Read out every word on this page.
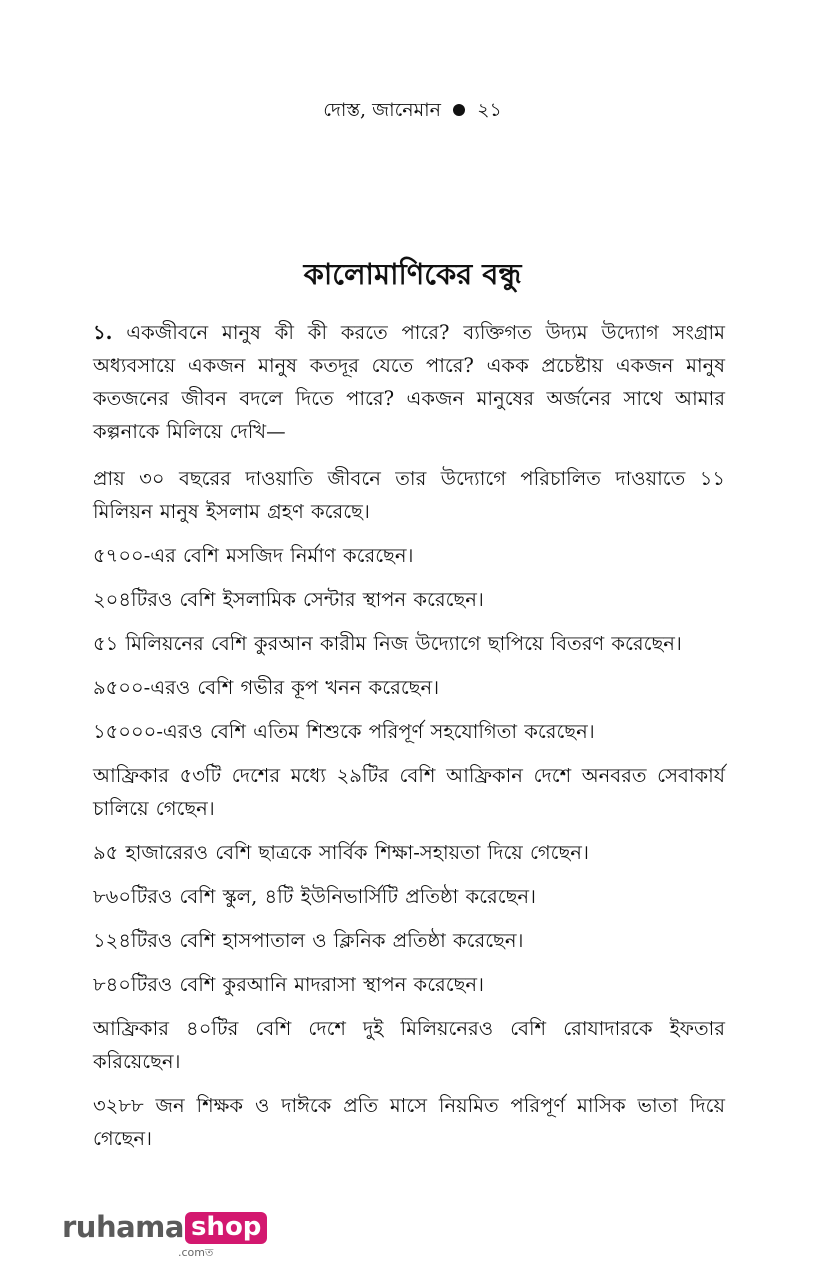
দোস্ত, জানেমান ২১
কালোমাণিকের বন্ধু

১. একজীবনে মানুষ কী কী করতে পারে? ব্যক্তিগত উদ্যম উদ্যোগ সংগ্রাম অধ্যবসায়ে একজন মানুষ কতদূর যেতে পারে? একক প্রচেষ্টায় একজন মানুষ কতজনের জীবন বদলে দিতে পারে? একজন মানুষের অর্জনের সাথে আমার কল্পনাকে মিলিয়ে দেখি—

প্রায় ৩০ বছরের দাওয়াতি জীবনে তার উদ্যোগে পরিচালিত দাওয়াতে ১১ মিলিয়ন মানুষ ইসলাম গ্রহণ করেছে।

৫৭০০-এর বেশি মসজিদ নির্মাণ করেছেন।

২০৪টিরও বেশি ইসলামিক সেন্টার স্থাপন করেছেন।

৫১ মিলিয়নের বেশি কুরআন কারীম নিজ উদ্যোগে ছাপিয়ে বিতরণ করেছেন।

৯৫০০-এরও বেশি গভীর কূপ খনন করেছেন।

১৫০০০-এরও বেশি এতিম শিশুকে পরিপূর্ণ সহযোগিতা করেছেন।

আফ্রিকার ৫৩টি দেশের মধ্যে ২৯টির বেশি আফ্রিকান দেশে অনবরত সেবাকার্য চালিয়ে গেছেন।

৯৫ হাজারেরও বেশি ছাত্রকে সার্বিক শিক্ষা-সহায়তা দিয়ে গেছেন।

৮৬০টিরও বেশি স্কুল, ৪টি ইউনিভার্সিটি প্রতিষ্ঠা করেছেন।

১২৪টিরও বেশি হাসপাতাল ও ক্লিনিক প্রতিষ্ঠা করেছেন।

৮৪০টিরও বেশি কুরআনি মাদরাসা স্থাপন করেছেন।

আফ্রিকার ৪০টির বেশি দেশে দুই মিলিয়নেরও বেশি রোযাদারকে ইফতার করিয়েছেন।

৩২৮৮ জন শিক্ষক ও দাঈকে প্রতি মাসে নিয়মিত পরিপূর্ণ মাসিক ভাতা দিয়ে গেছেন।

ruhama shop
.comত
